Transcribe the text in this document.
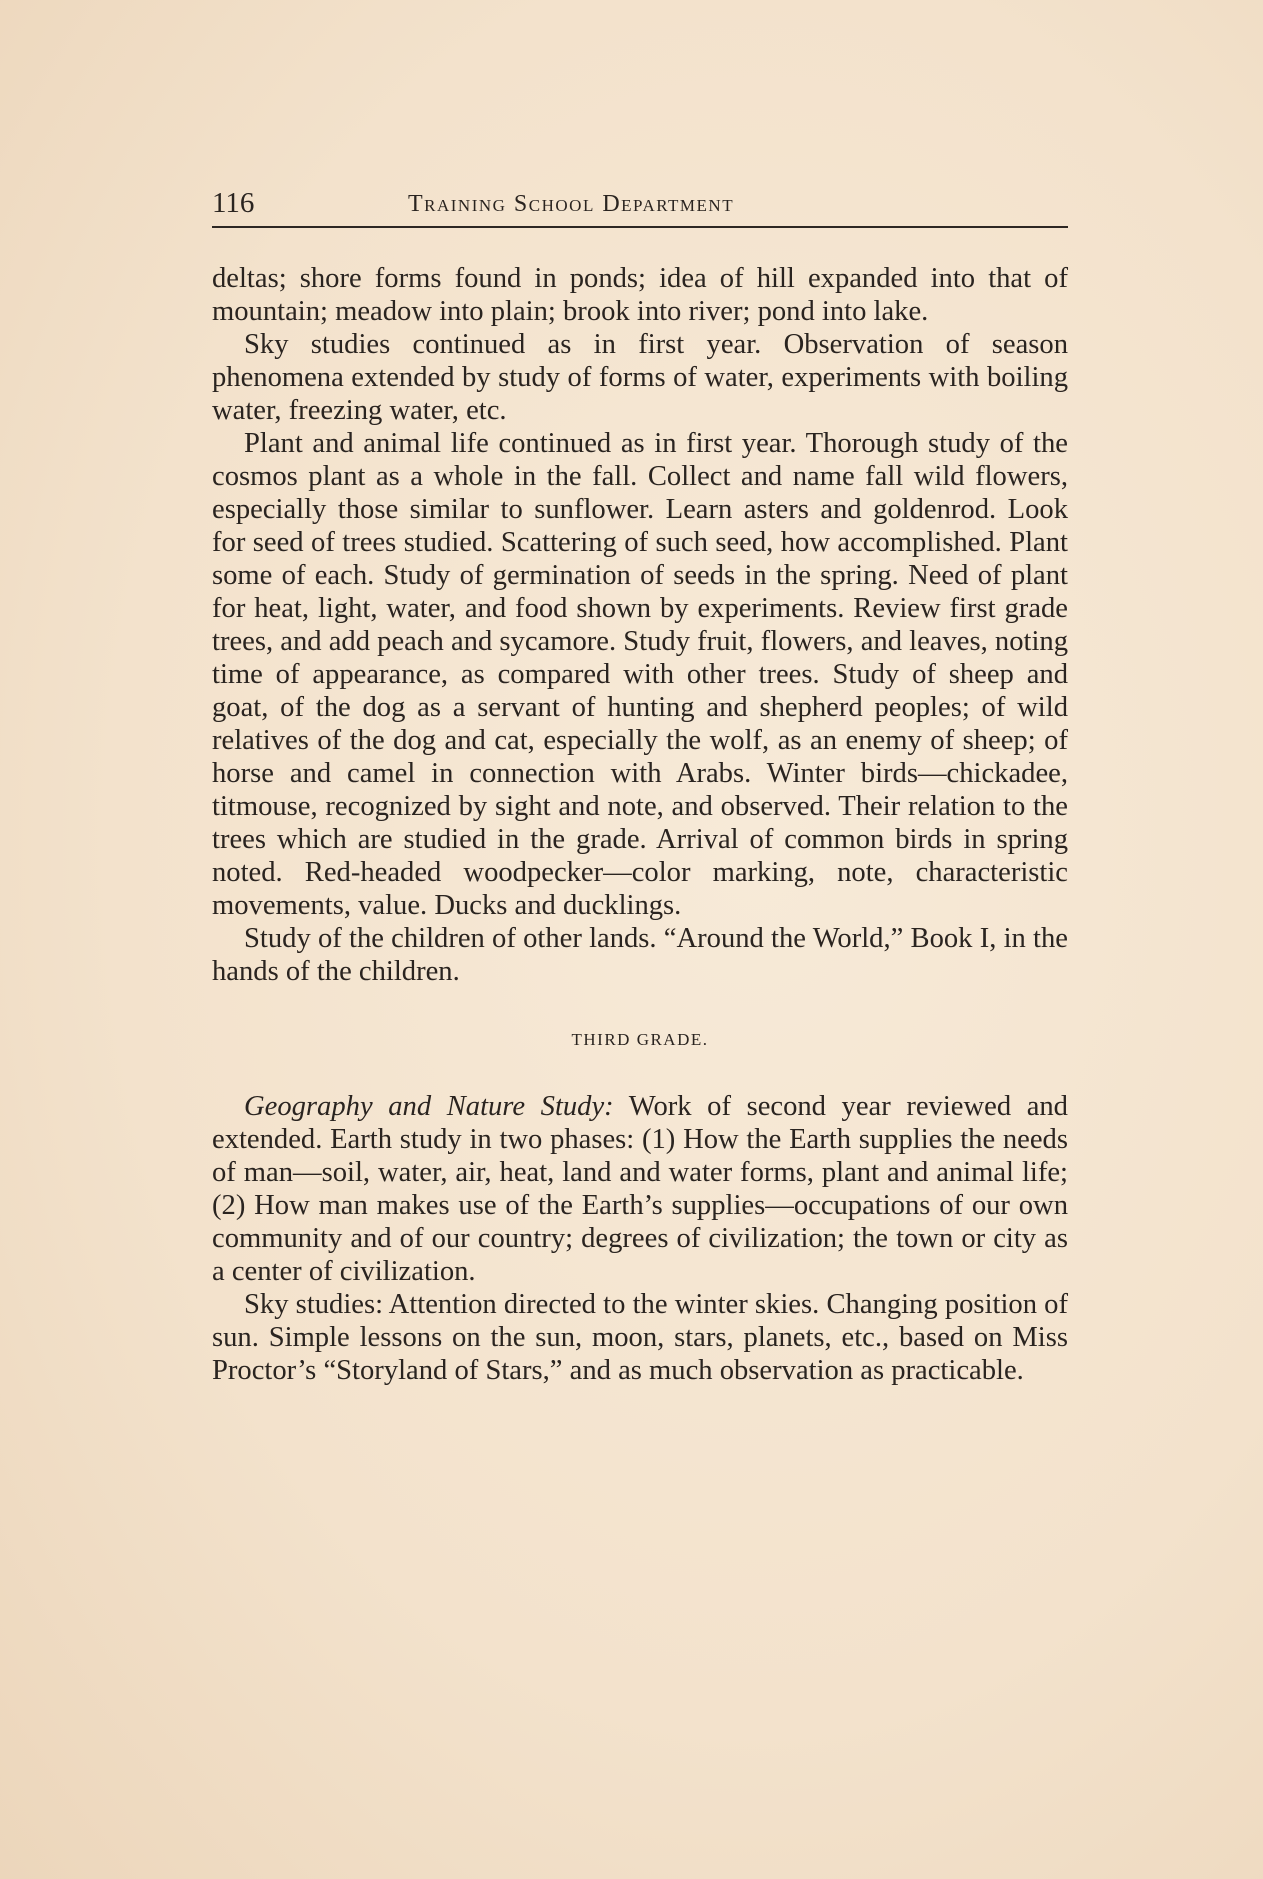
116	Training School Department

deltas; shore forms found in ponds; idea of hill expanded into that of mountain; meadow into plain; brook into river; pond into lake.

Sky studies continued as in first year. Observation of season phenomena extended by study of forms of water, experiments with boiling water, freezing water, etc.

Plant and animal life continued as in first year. Thorough study of the cosmos plant as a whole in the fall. Collect and name fall wild flowers, especially those similar to sunflower. Learn asters and goldenrod. Look for seed of trees studied. Scattering of such seed, how accomplished. Plant some of each. Study of germination of seeds in the spring. Need of plant for heat, light, water, and food shown by experiments. Review first grade trees, and add peach and sycamore. Study fruit, flowers, and leaves, noting time of appearance, as compared with other trees. Study of sheep and goat, of the dog as a servant of hunting and shepherd peoples; of wild relatives of the dog and cat, especially the wolf, as an enemy of sheep; of horse and camel in connection with Arabs. Winter birds—chickadee, titmouse, recognized by sight and note, and observed. Their relation to the trees which are studied in the grade. Arrival of common birds in spring noted. Red-headed woodpecker—color marking, note, characteristic movements, value. Ducks and ducklings.

Study of the children of other lands. “Around the World,” Book I, in the hands of the children.

THIRD GRADE.

Geography and Nature Study: Work of second year reviewed and extended. Earth study in two phases: (1) How the Earth supplies the needs of man—soil, water, air, heat, land and water forms, plant and animal life; (2) How man makes use of the Earth’s supplies—occupations of our own community and of our country; degrees of civilization; the town or city as a center of civilization.

Sky studies: Attention directed to the winter skies. Changing position of sun. Simple lessons on the sun, moon, stars, planets, etc., based on Miss Proctor’s “Storyland of Stars,” and as much observation as practicable.
